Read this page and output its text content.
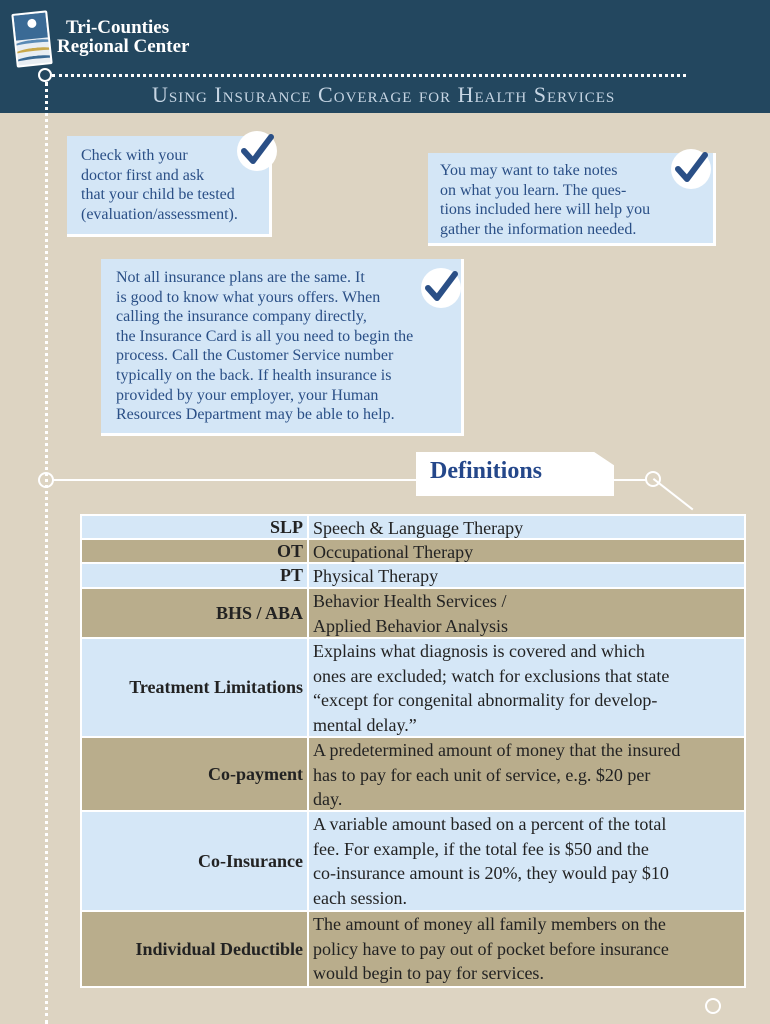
Tri-Counties
Regional Center
Using Insurance Coverage for Health Services
Check with your
doctor first and ask
that your child be tested
(evaluation/assessment).
You may want to take notes
on what you learn. The ques-
tions included here will help you
gather the information needed.
Not all insurance plans are the same. It
is good to know what yours offers. When
calling the insurance company directly,
the Insurance Card is all you need to begin the
process. Call the Customer Service number
typically on the back. If health insurance is
provided by your employer, your Human
Resources Department may be able to help.
Definitions
SLP Speech & Language Therapy
OT Occupational Therapy
PT Physical Therapy
BHS / ABA
Behavior Health Services /
Applied Behavior Analysis
Treatment Limitations
Explains what diagnosis is covered and which
ones are excluded; watch for exclusions that state
“except for congenital abnormality for develop-
mental delay.”
Co-payment
A predetermined amount of money that the insured
has to pay for each unit of service, e.g. $20 per
day.
Co-Insurance
A variable amount based on a percent of the total
fee. For example, if the total fee is $50 and the
co-insurance amount is 20%, they would pay $10
each session.
Individual Deductible
The amount of money all family members on the
policy have to pay out of pocket before insurance
would begin to pay for services.
